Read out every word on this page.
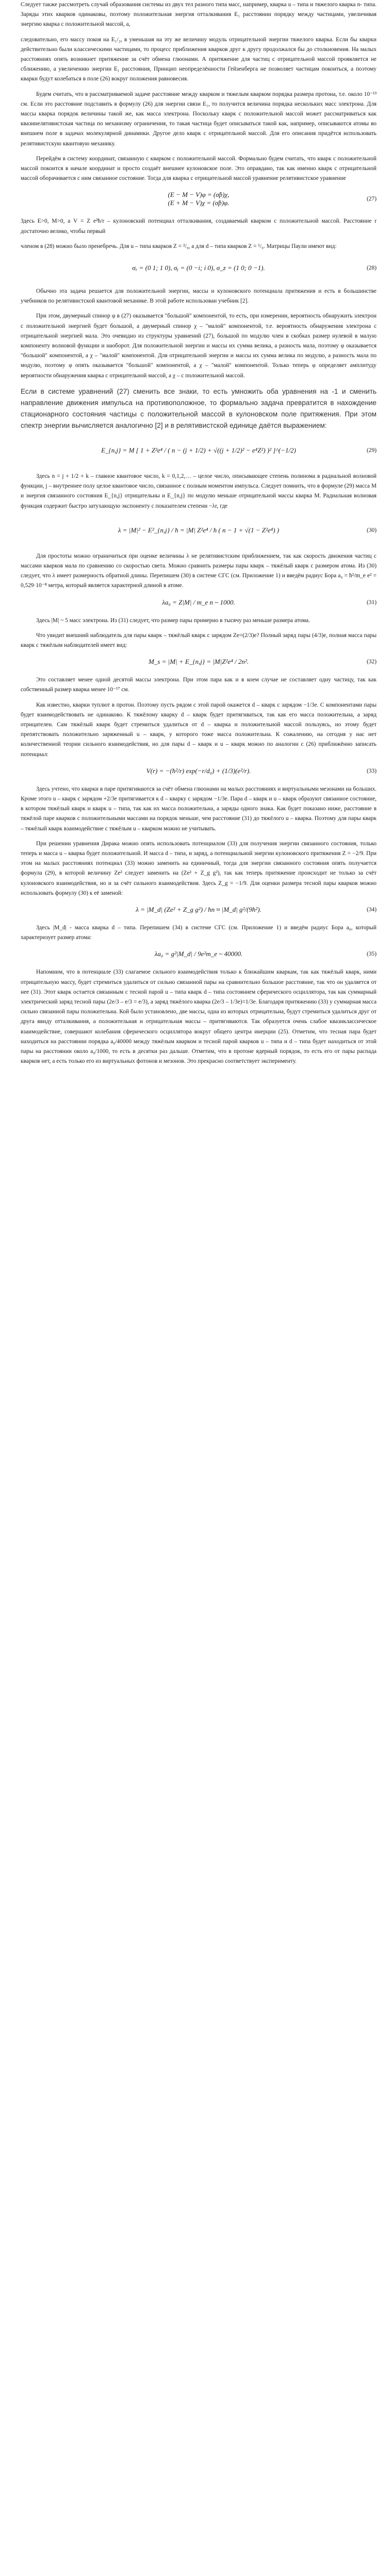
Следует также рассмотреть случай образования системы из двух тел разного типа масс, например, кварка u – типа и тяжелого кварка n- типа. Заряды этих кварков одинаковы, поэтому положительная энергия отталкивания E₁ расстоянии порядку между частицами, увеличивая энергию кварка с положительной массой, а,

следовательно, его массу покоя на E₁/₂, в уменьшая на эту же величину модуль отрицательной энергии тяжелого кварка. Если бы кварки действительно были классическими частицами, то процесс приближения кварков друг к другу продолжался бы до столкновения. На малых расстояниях опять возникнет притяжение за счёт обмена глюонами. А притяжение для частиц с отрицательной массой проявляется не сближению, а увеличению энергии E₁ расстояния, Принцип неопределённости Гейзенберга не позволяет частицам покоиться, а поэтому кварки будут колебаться в поле (26) вокруг положения равновесия.

Будем считать, что в рассматриваемой задаче расстояние между кварком и тяжелым кварком порядка размера протона, т.е. около 10⁻¹³ см. Если это расстояние подставить в формулу (26) для энергии связи E₁, то получится величина порядка нескольких масс электрона. Для массы кварка порядок величины такой же, как масса электрона. Поскольку кварк с положительной массой может рассматриваться как квазинелятивистская частица по механизму ограничения, то такая частица будет описываться такой как, например, описываются атомы во внешнем поле в задачах молекулярной динамики. Другое дело кварк с отрицательной массой. Для его описания придётся использовать релятивистскую квантовую механику.

Перейдём в систему координат, связанную с кварком с положительной массой. Формально будем считать, что кварк с положительной массой покоится в начале координат и просто создаёт внешнее кулоновское поле. Это оправдано, так как именно кварк с отрицательной массой оборачивается с ним связанное состояние. Тогда для кварка с отрицательной массой уравнение релятивистское уравнение

(E − M − V)φ = (σ̂p̂)χ,
(E + M − V)χ = (σ̂p̂)φ.	(27)

Здесь E>0, M>0, а V = Z e²ħ/r – кулоновский потенциал отталкивания, создаваемый кварком с положительной массой. Расстояние r достаточно велико, чтобы первый

членом в (28) можно было пренебречь. Для u – типа кварков Z = ²/₉, а для d – типа кварков Z = ¹/₉. Матрицы Паули имеют вид:

σₓ = (0 1; 1 0), σᵧ = (0 −i; i 0), σ_z = (1 0; 0 −1).	(28)

Обычно эта задача решается для положительной энергии, массы и кулоновского потенциала притяжения и есть в большинстве учебников по релятивистской квантовой механике. В этой работе использован учебник [2].

При этом, двумерный спинор φ в (27) оказывается "большой" компонентой, то есть, при измерении, вероятность обнаружить электрон с положительной энергией будет большой, а двумерный спинор χ – "малой" компонентой, т.е. вероятность обнаружения электрона с отрицательной энергией мала. Это очевидно из структуры уравнений (27), большой по модулю член в скобках размер нулевой в малую компоненту волновой функции и наоборот. Для положительной энергии и массы их сумма велика, а разность мала, поэтому φ оказывается "большой" компонентой, а χ – "малой" компонентой. Для отрицательной энергии и массы их сумма велика по модулю, а разность мала по модулю, поэтому φ опять оказывается "большой" компонентой, а χ – "малой" компонентой. Только теперь φ определяет амплитуду вероятности обнаружения кварка с отрицательной массой, а χ – с положительной массой.

Если в системе уравнений (27) сменить все знаки, то есть умножить оба уравнения на -1 и сменить направление движения импульса на противоположное, то формально задача превратится в нахождение стационарного состояния частицы с положительной массой в кулоновском поле притяжения. При этом спектр энергии вычисляется аналогично [2] и в релятивистской единице даётся выражением:

E_{n,j} = M [ 1 + Z²e⁴ / ( n − (j + 1/2) + √((j + 1/2)² − e⁴Z²) )² ]^(−1/2)	(29)

Здесь n = j + 1/2 + k – главное квантовое число, k = 0,1,2,… – целое число, описывающее степень полинома в радиальной волновой функции, j – внутреннее полу целое квантовое число, связанное с полным моментом импульса. Следует помнить, что в формуле (29) масса M и энергия связанного состояния E_{n,j} отрицательны и E_{n,j} по модулю меньше отрицательной массы кварка M. Радиальная волновая функция содержит быстро затухающую экспоненту с показателем степени −λr, где

λ = |M|² − E²_{n,j} / ħ = |M| Z²e⁴ / ħ ( n − 1 + √(1 − Z²e⁴) )	(30)

Для простоты можно ограничиться при оценке величины λ не релятивистским приближением, так как скорость движения частиц с массами кварков мала по сравнению со скоростью света. Можно сравнить размеры пары кварк – тяжёлый кварк с размером атома. Из (30) следует, что λ имеет размерность обратной длины. Перепишем (30) в системе СГС (см. Приложение 1) и введём радиус Бора a₀ = ħ²/m_e e² = 0,529·10⁻⁸ метра, который является характерной длиной в атоме.

λa₀ = Z|M| / m_e n ~ 1000.	(31)

Здесь |M| ~ 5 масс электрона. Из (31) следует, что размер пары примерно в тысячу раз меньше размера атома.

Что увидит внешний наблюдатель для пары кварк – тяжёлый кварк с зарядом Ze=(2/3)e? Полный заряд пары (4/3)e, полная масса пары кварк с тяжёлым наблюдателей имеет вид:

M_s = |M| + E_{n,j} = |M|Z²e⁴ / 2n².	(32)

Это составляет менее одной десятой массы электрона. При этом пара как и в коем случае не составляет одну частицу, так как собственный размер кварка менее 10⁻¹⁷ см.

Как известно, кварки туплют в протон. Поэтому пусть рядом с этой парой окажется d – кварк с зарядом −1/3e. С компонентами пары будет взаимодействовать не одинаково. К тяжёлому кварку d – кварк будет притягиваться, так как его масса положительна, а заряд отрицателен. Сам тяжёлый кварк будет стремиться удалиться от d – кварка и положительной массой пользуясь, но этому будет препятствовать положительно заряженный u – кварк, у которого тоже масса положительна. К сожалению, на сегодня у нас нет количественной теории сильного взаимодействия, но для пары d – кварк и u – кварк можно по аналогии с (26) приближённо записать потенциал:

V(r) = −(ħ²/r) exp(−r/d₀) + (1/3)(e²/r).	(33)

Здесь учтено, что кварки в паре притягиваются за счёт обмена глюонами на малых расстояниях и виртуальными мезонами на больших. Кроме этого u – кварк с зарядом +2/3e притягивается к d – кварку с зарядом −1/3e. Пара d – кварк и u – кварк образуют связанное состояние, в котором тяжёлый кварк и кварк u – типа, так как их масса положительна, а заряды одного знака. Как будет показано ниже, расстояние в тяжёлой паре кварков с положительными массами на порядок меньше, чем расстояние (31) до тяжёлого u – кварка. Поэтому для пары кварк – тяжёлый кварк взаимодействие с тяжёлым u – кварком можно не учитывать.

При решении уравнения Дирака можно опять использовать потенциалом (33) для получения энергии связанного состояния, только теперь и масса u – кварка будет положительной. И масса d – типа, и заряд, а потенциальной энергии кулоновского притяжения Z = −2/9. При этом на малых расстояниях потенциал (33) можно заменить на единичный, тогда для энергии связанного состояния опять получается формула (29), в которой величину Ze² следует заменить на (Ze² + Z_g g²), так как теперь притяжение происходит не только за счёт кулоновского взаимодействия, но и за счёт сильного взаимодействия. Здесь Z_g = −1/9. Для оценки размера тесной пары кварков можно использовать формулу (30) к её заменой:

λ = |M_d| (Ze² + Z_g g²) / ħn ≈ |M_d| g²/(9ħ²).	(34)

Здесь |M_d| - масса кварка d – типа. Перепишем (34) в системе СГС (см. Приложение 1) и введём радиус Бора a₀, который характеризует размер атома:

λa₀ = g²|M_d| / 9e²m_e ~ 40000.	(35)

Напомним, что в потенциале (33) слагаемое сильного взаимодействия только к ближайшим кваркам, так как тяжёлый кварк, ними отрицательную массу, будет стремиться удалиться от сильно связанной пары на сравнительно большое расстояние, так что он удаляется от нее (31). Этот кварк остается связанным с тесной парой u – типа кварк d – типа состоянием сферического осциллятора, так как суммарный электрический заряд тесной пары (2e/3 – e/3 = e/3), а заряд тяжёлого кварка (2e/3 – 1/3e)=1/3e. Благодаря притяжению (33) у суммарная масса сильно связанной пары положительна. Кой было установлено, две массы, одна из которых отрицательна, будут стремиться удалиться друг от друга ввиду отталкивания, а положительная и отрицательная массы – притягиваются. Так образуется очень слабое квазиклассическое взаимодействие, совершают колебания сферического осциллятора вокруг общего центра инерции (25). Отметим, что тесная пара будет находиться на расстоянии порядка a₀/40000 между тяжёлым кварком и тесной парой кварков u – типа и d – типа будет находиться от этой пары на расстоянии около a₀/1000, то есть в десятки раз дальше. Отметим, что в протоне ядерный порядок, то есть его от пары распада кварков нет, а есть только его из виртуальных фотонов и мезонов. Это прекрасно соответствует эксперименту.
